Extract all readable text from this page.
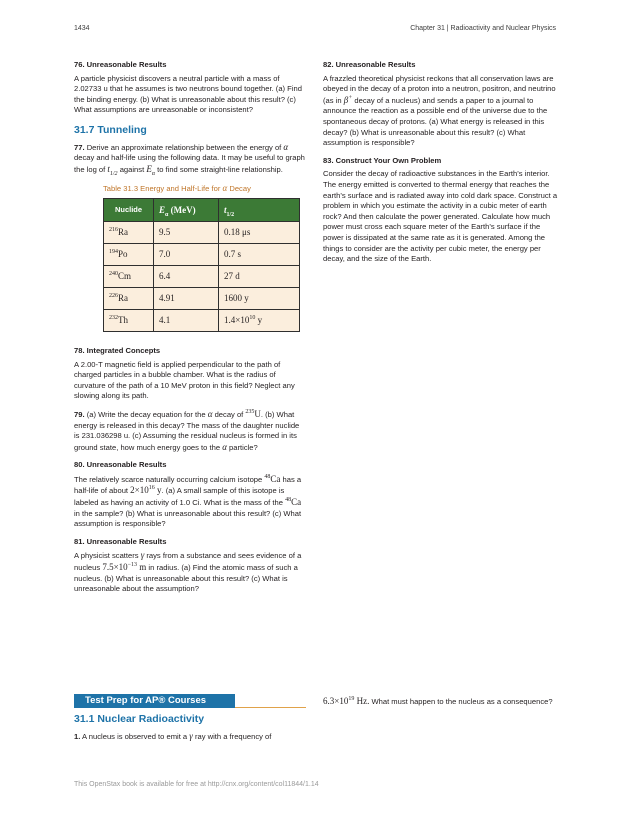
1434	Chapter 31 | Radioactivity and Nuclear Physics
76. Unreasonable Results

A particle physicist discovers a neutral particle with a mass of 2.02733 u that he assumes is two neutrons bound together. (a) Find the binding energy. (b) What is unreasonable about this result? (c) What assumptions are unreasonable or inconsistent?

31.7 Tunneling

77. Derive an approximate relationship between the energy of α decay and half-life using the following data. It may be useful to graph the log of $t_{1/2}$ against $E_\alpha$ to find some straight-line relationship.

Table 31.3 Energy and Half-Life for α Decay
Nuclide	$E_\alpha$ (MeV)	$t_{1/2}$
$^{216}$Ra	9.5	0.18 μs
$^{194}$Po	7.0	0.7 s
$^{240}$Cm	6.4	27 d
$^{226}$Ra	4.91	1600 y
$^{232}$Th	4.1	$1.4\times 10^{10}$ y
78. Integrated Concepts

A 2.00-T magnetic field is applied perpendicular to the path of charged particles in a bubble chamber. What is the radius of curvature of the path of a 10 MeV proton in this field? Neglect any slowing along its path.

79. (a) Write the decay equation for the α decay of $^{235}$U. (b) What energy is released in this decay? The mass of the daughter nuclide is 231.036298 u. (c) Assuming the residual nucleus is formed in its ground state, how much energy goes to the α particle?

80. Unreasonable Results

The relatively scarce naturally occurring calcium isotope $^{48}$Ca has a half-life of about $2\times 10^{16}$ y. (a) A small sample of this isotope is labeled as having an activity of 1.0 Ci. What is the mass of the $^{48}$Ca in the sample? (b) What is unreasonable about this result? (c) What assumption is responsible?

81. Unreasonable Results

A physicist scatters γ rays from a substance and sees evidence of a nucleus $7.5\times 10^{-13}$ m in radius. (a) Find the atomic mass of such a nucleus. (b) What is unreasonable about this result? (c) What is unreasonable about the assumption?

82. Unreasonable Results

A frazzled theoretical physicist reckons that all conservation laws are obeyed in the decay of a proton into a neutron, positron, and neutrino (as in β+ decay of a nucleus) and sends a paper to a journal to announce the reaction as a possible end of the universe due to the spontaneous decay of protons. (a) What energy is released in this decay? (b) What is unreasonable about this result? (c) What assumption is responsible?

83. Construct Your Own Problem

Consider the decay of radioactive substances in the Earth’s interior. The energy emitted is converted to thermal energy that reaches the earth’s surface and is radiated away into cold dark space. Construct a problem in which you estimate the activity in a cubic meter of earth rock? And then calculate the power generated. Calculate how much power must cross each square meter of the Earth’s surface if the power is dissipated at the same rate as it is generated. Among the things to consider are the activity per cubic meter, the energy per decay, and the size of the Earth.

Test Prep for AP® Courses
31.1 Nuclear Radioactivity

1. A nucleus is observed to emit a γ ray with a frequency of

$6.3\times 10^{19}$ Hz. What must happen to the nucleus as a consequence?

This OpenStax book is available for free at http://cnx.org/content/col11844/1.14
